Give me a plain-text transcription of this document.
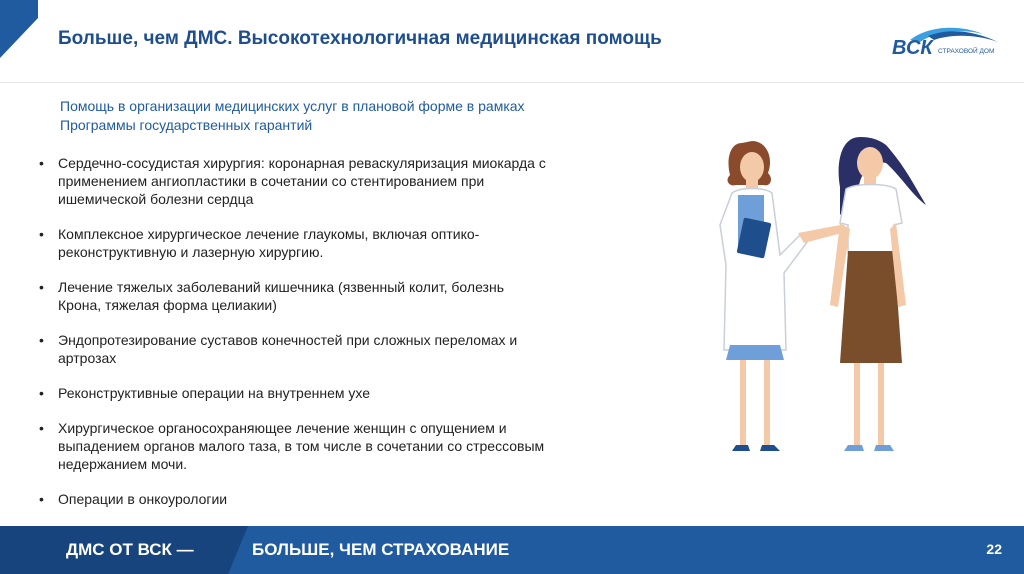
Больше, чем ДМС. Высокотехнологичная медицинская помощь	ВСК СТРАХОВОЙ ДОМ
Помощь в организации медицинских услуг в плановой форме в рамках
Программы государственных гарантий
• Сердечно-сосудистая хирургия: коронарная реваскуляризация миокарда с
применением ангиопластики в сочетании со стентированием при
ишемической болезни сердца
• Комплексное хирургическое лечение глаукомы, включая оптико-
реконструктивную и лазерную хирургию.
• Лечение тяжелых заболеваний кишечника (язвенный колит, болезнь
Крона, тяжелая форма целиакии)
• Эндопротезирование суставов конечностей при сложных переломах и
артрозах
• Реконструктивные операции на внутреннем ухе
• Хирургическое органосохраняющее лечение женщин с опущением и
выпадением органов малого таза, в том числе в сочетании со стрессовым
недержанием мочи.
• Операции в онкоурологии
ДМС ОТ ВСК —	БОЛЬШЕ, ЧЕМ СТРАХОВАНИЕ	22
